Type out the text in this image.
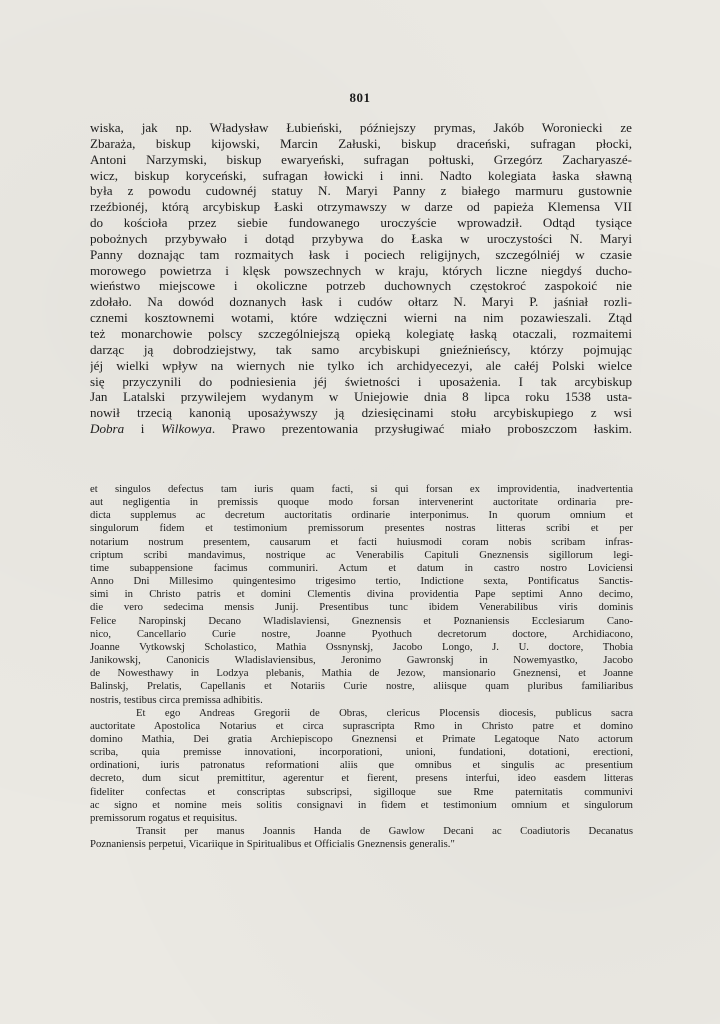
801
wiska, jak np. Władysław Łubieński, późniejszy prymas, Jakób Woroniecki ze
Zbaraża, biskup kijowski, Marcin Załuski, biskup draceński, sufragan płocki,
Antoni Narzymski, biskup ewaryeński, sufragan połtuski, Grzegórz Zacharyaszé-
wicz, biskup koryceński, sufragan łowicki i inni. Nadto kolegiata łaska sławną
była z powodu cudownéj statuy N. Maryi Panny z białego marmuru gustownie
rzeźbionéj, którą arcybiskup Łaski otrzymawszy w darze od papieża Klemensa VII
do kościoła przez siebie fundowanego uroczyście wprowadził. Odtąd tysiące
pobożnych przybywało i dotąd przybywa do Łaska w uroczystości N. Maryi
Panny doznając tam rozmaitych łask i pociech religijnych, szczególniéj w czasie
morowego powietrza i klęsk powszechnych w kraju, których liczne niegdyś ducho-
wieństwo miejscowe i okoliczne potrzeb duchownych częstokroć zaspokoić nie
zdołało. Na dowód doznanych łask i cudów ołtarz N. Maryi P. jaśniał rozli-
cznemi kosztownemi wotami, które wdzięczni wierni na nim pozawieszali. Ztąd
też monarchowie polscy szczególniejszą opieką kolegiatę łaską otaczali, rozmaitemi
darząc ją dobrodziejstwy, tak samo arcybiskupi gnieźnieńscy, którzy pojmując
jéj wielki wpływ na wiernych nie tylko ich archidyecezyi, ale całéj Polski wielce
się przyczynili do podniesienia jéj świetności i uposażenia. I tak arcybiskup
Jan Latalski przywilejem wydanym w Uniejowie dnia 8 lipca roku 1538 usta-
nowił trzecią kanonią uposażywszy ją dziesięcinami stołu arcybiskupiego z wsi
Dobra i Wilkowya. Prawo prezentowania przysługiwać miało proboszczom łaskim.
et singulos defectus tam iuris quam facti, si qui forsan ex improvidentia, inadvertentia
aut negligentia in premissis quoque modo forsan intervenerint auctoritate ordinaria pre-
dicta supplemus ac decretum auctoritatis ordinarie interponimus. In quorum omnium et
singulorum fidem et testimonium premissorum presentes nostras litteras scribi et per
notarium nostrum presentem, causarum et facti huiusmodi coram nobis scribam infras-
criptum scribi mandavimus, nostrique ac Venerabilis Capituli Gneznensis sigillorum legi-
time subappensione facimus communiri. Actum et datum in castro nostro Loviciensi
Anno Dni Millesimo quingentesimo trigesimo tertio, Indictione sexta, Pontificatus Sanctis-
simi in Christo patris et domini Clementis divina providentia Pape septimi Anno decimo,
die vero sedecima mensis Junij. Presentibus tunc ibidem Venerabilibus viris dominis
Felice Naropinskj Decano Wladislaviensi, Gneznensis et Poznaniensis Ecclesiarum Cano-
nico, Cancellario Curie nostre, Joanne Pyothuch decretorum doctore, Archidiacono,
Joanne Vytkowskj Scholastico, Mathia Ossnynskj, Jacobo Longo, J. U. doctore, Thobia
Janikowskj, Canonicis Wladislaviensibus, Jeronimo Gawronskj in Nowemyastko, Jacobo
de Nowesthawy in Lodzya plebanis, Mathia de Jezow, mansionario Gneznensi, et Joanne
Balinskj, Prelatis, Capellanis et Notariis Curie nostre, aliisque quam pluribus familiaribus
nostris, testibus circa premissa adhibitis.
Et ego Andreas Gregorii de Obras, clericus Plocensis diocesis, publicus sacra
auctoritate Apostolica Notarius et circa suprascripta Rmo in Christo patre et domino
domino Mathia, Dei gratia Archiepiscopo Gneznensi et Primate Legatoque Nato actorum
scriba, quia premisse innovationi, incorporationi, unioni, fundationi, dotationi, erectioni,
ordinationi, iuris patronatus reformationi aliis que omnibus et singulis ac presentium
decreto, dum sicut premittitur, agerentur et fierent, presens interfui, ideo easdem litteras
fideliter confectas et conscriptas subscripsi, sigilloque sue Rme paternitatis communivi
ac signo et nomine meis solitis consignavi in fidem et testimonium omnium et singulorum
premissorum rogatus et requisitus.
Transit per manus Joannis Handa de Gawlow Decani ac Coadiutoris Decanatus
Poznaniensis perpetui, Vicariique in Spiritualibus et Officialis Gneznensis generalis."
